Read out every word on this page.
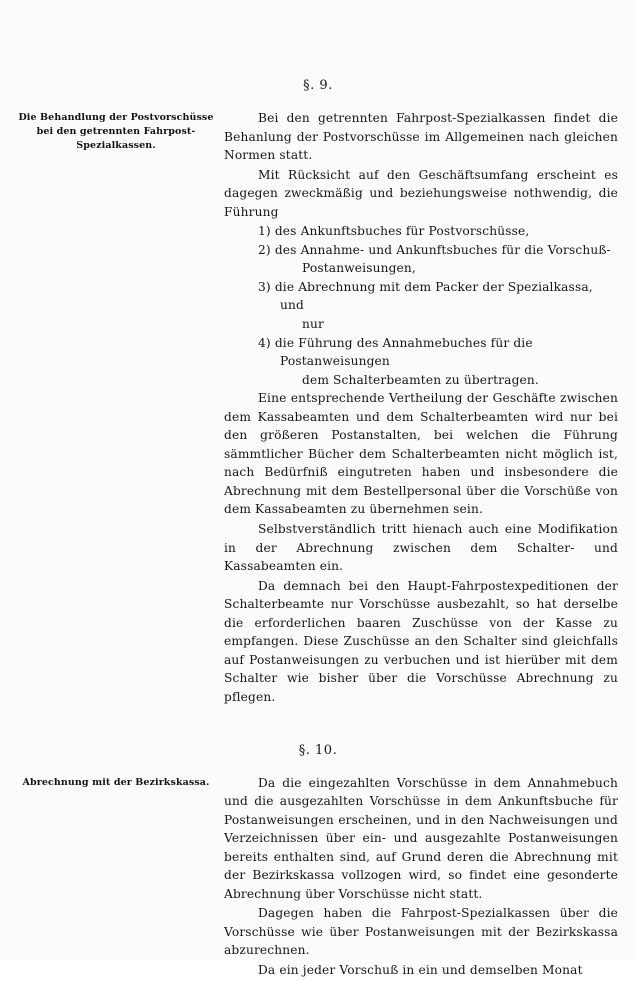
§. 9.
Die Behandlung der Postvorschüsse bei den getrennten Fahrpost-Spezialkassen.

Bei den getrennten Fahrpost-Spezialkassen findet die Behanlung der Postvorschüsse im Allgemeinen nach gleichen Normen statt.

Mit Rücksicht auf den Geschäftsumfang erscheint es dagegen zweckmäßig und beziehungsweise nothwendig, die Führung

1) des Ankunftsbuches für Postvorschüsse,
2) des Annahme- und Ankunftsbuches für die Vorschuß-
Postanweisungen,
3) die Abrechnung mit dem Packer der Spezialkassa, und
nur
4) die Führung des Annahmebuches für die Postanweisungen
dem Schalterbeamten zu übertragen.

Eine entsprechende Vertheilung der Geschäfte zwischen dem Kassabeamten und dem Schalterbeamten wird nur bei den größeren Postanstalten, bei welchen die Führung sämmtlicher Bücher dem Schalterbeamten nicht möglich ist, nach Bedürfniß eingutreten haben und insbesondere die Abrechnung mit dem Bestellpersonal über die Vorschüße von dem Kassabeamten zu übernehmen sein.

Selbstverständlich tritt hienach auch eine Modifikation in der Abrechnung zwischen dem Schalter- und Kassabeamten ein.

Da demnach bei den Haupt-Fahrpostexpeditionen der Schalterbeamte nur Vorschüsse ausbezahlt, so hat derselbe die erforderlichen baaren Zuschüsse von der Kasse zu empfangen. Diese Zuschüsse an den Schalter sind gleichfalls auf Postanweisungen zu verbuchen und ist hierüber mit dem Schalter wie bisher über die Vorschüsse Abrechnung zu pflegen.

§. 10.
Abrechnung mit der Bezirkskassa.	Da die eingezahlten Vorschüsse in dem Annahmebuch und die ausgezahlten Vorschüsse in dem Ankunftsbuche für Postanweisungen erscheinen, und in den Nachweisungen und Verzeichnissen über ein- und ausgezahlte Postanweisungen bereits enthalten sind, auf Grund deren die Abrechnung mit der Bezirkskassa vollzogen wird, so findet eine gesonderte Abrechnung über Vorschüsse nicht statt.

Dagegen haben die Fahrpost-Spezialkassen über die Vorschüsse wie über Postanweisungen mit der Bezirkskassa abzurechnen.

Da ein jeder Vorschuß in ein und demselben Monat
